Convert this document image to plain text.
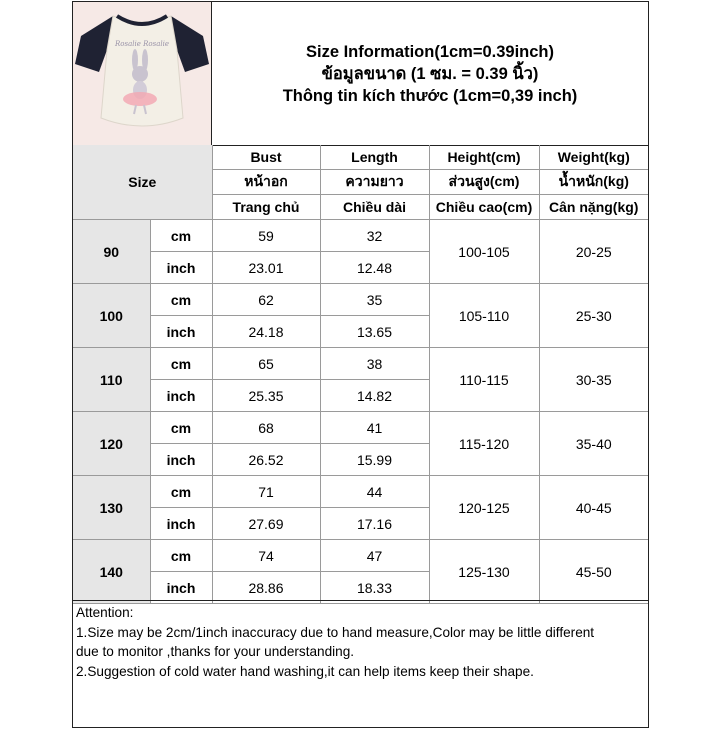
Rosalie Rosalie	Size Information(1cm=0.39inch)
ข้อมูลขนาด (1 ซม. = 0.39 นิ้ว)
Thông tin kích thước (1cm=0,39 inch)
Size		Bust	Length	Height(cm)	Weight(kg)
		หน้าอก	ความยาว	ส่วนสูง(cm)	น้ำหนัก(kg)
		Trang chủ	Chiều dài	Chiều cao(cm)	Cân nặng(kg)
90	cm	59	32	100-105	20-25
	inch	23.01	12.48		
100	cm	62	35	105-110	25-30
	inch	24.18	13.65		
110	cm	65	38	110-115	30-35
	inch	25.35	14.82		
120	cm	68	41	115-120	35-40
	inch	26.52	15.99		
130	cm	71	44	120-125	40-45
	inch	27.69	17.16		
140	cm	74	47	125-130	45-50
	inch	28.86	18.33		

Attention:

1.Size may be 2cm/1inch inaccuracy due to hand measure,Color may be little different

due to monitor ,thanks for your understanding.

2.Suggestion of cold water hand washing,it can help items keep their shape.
